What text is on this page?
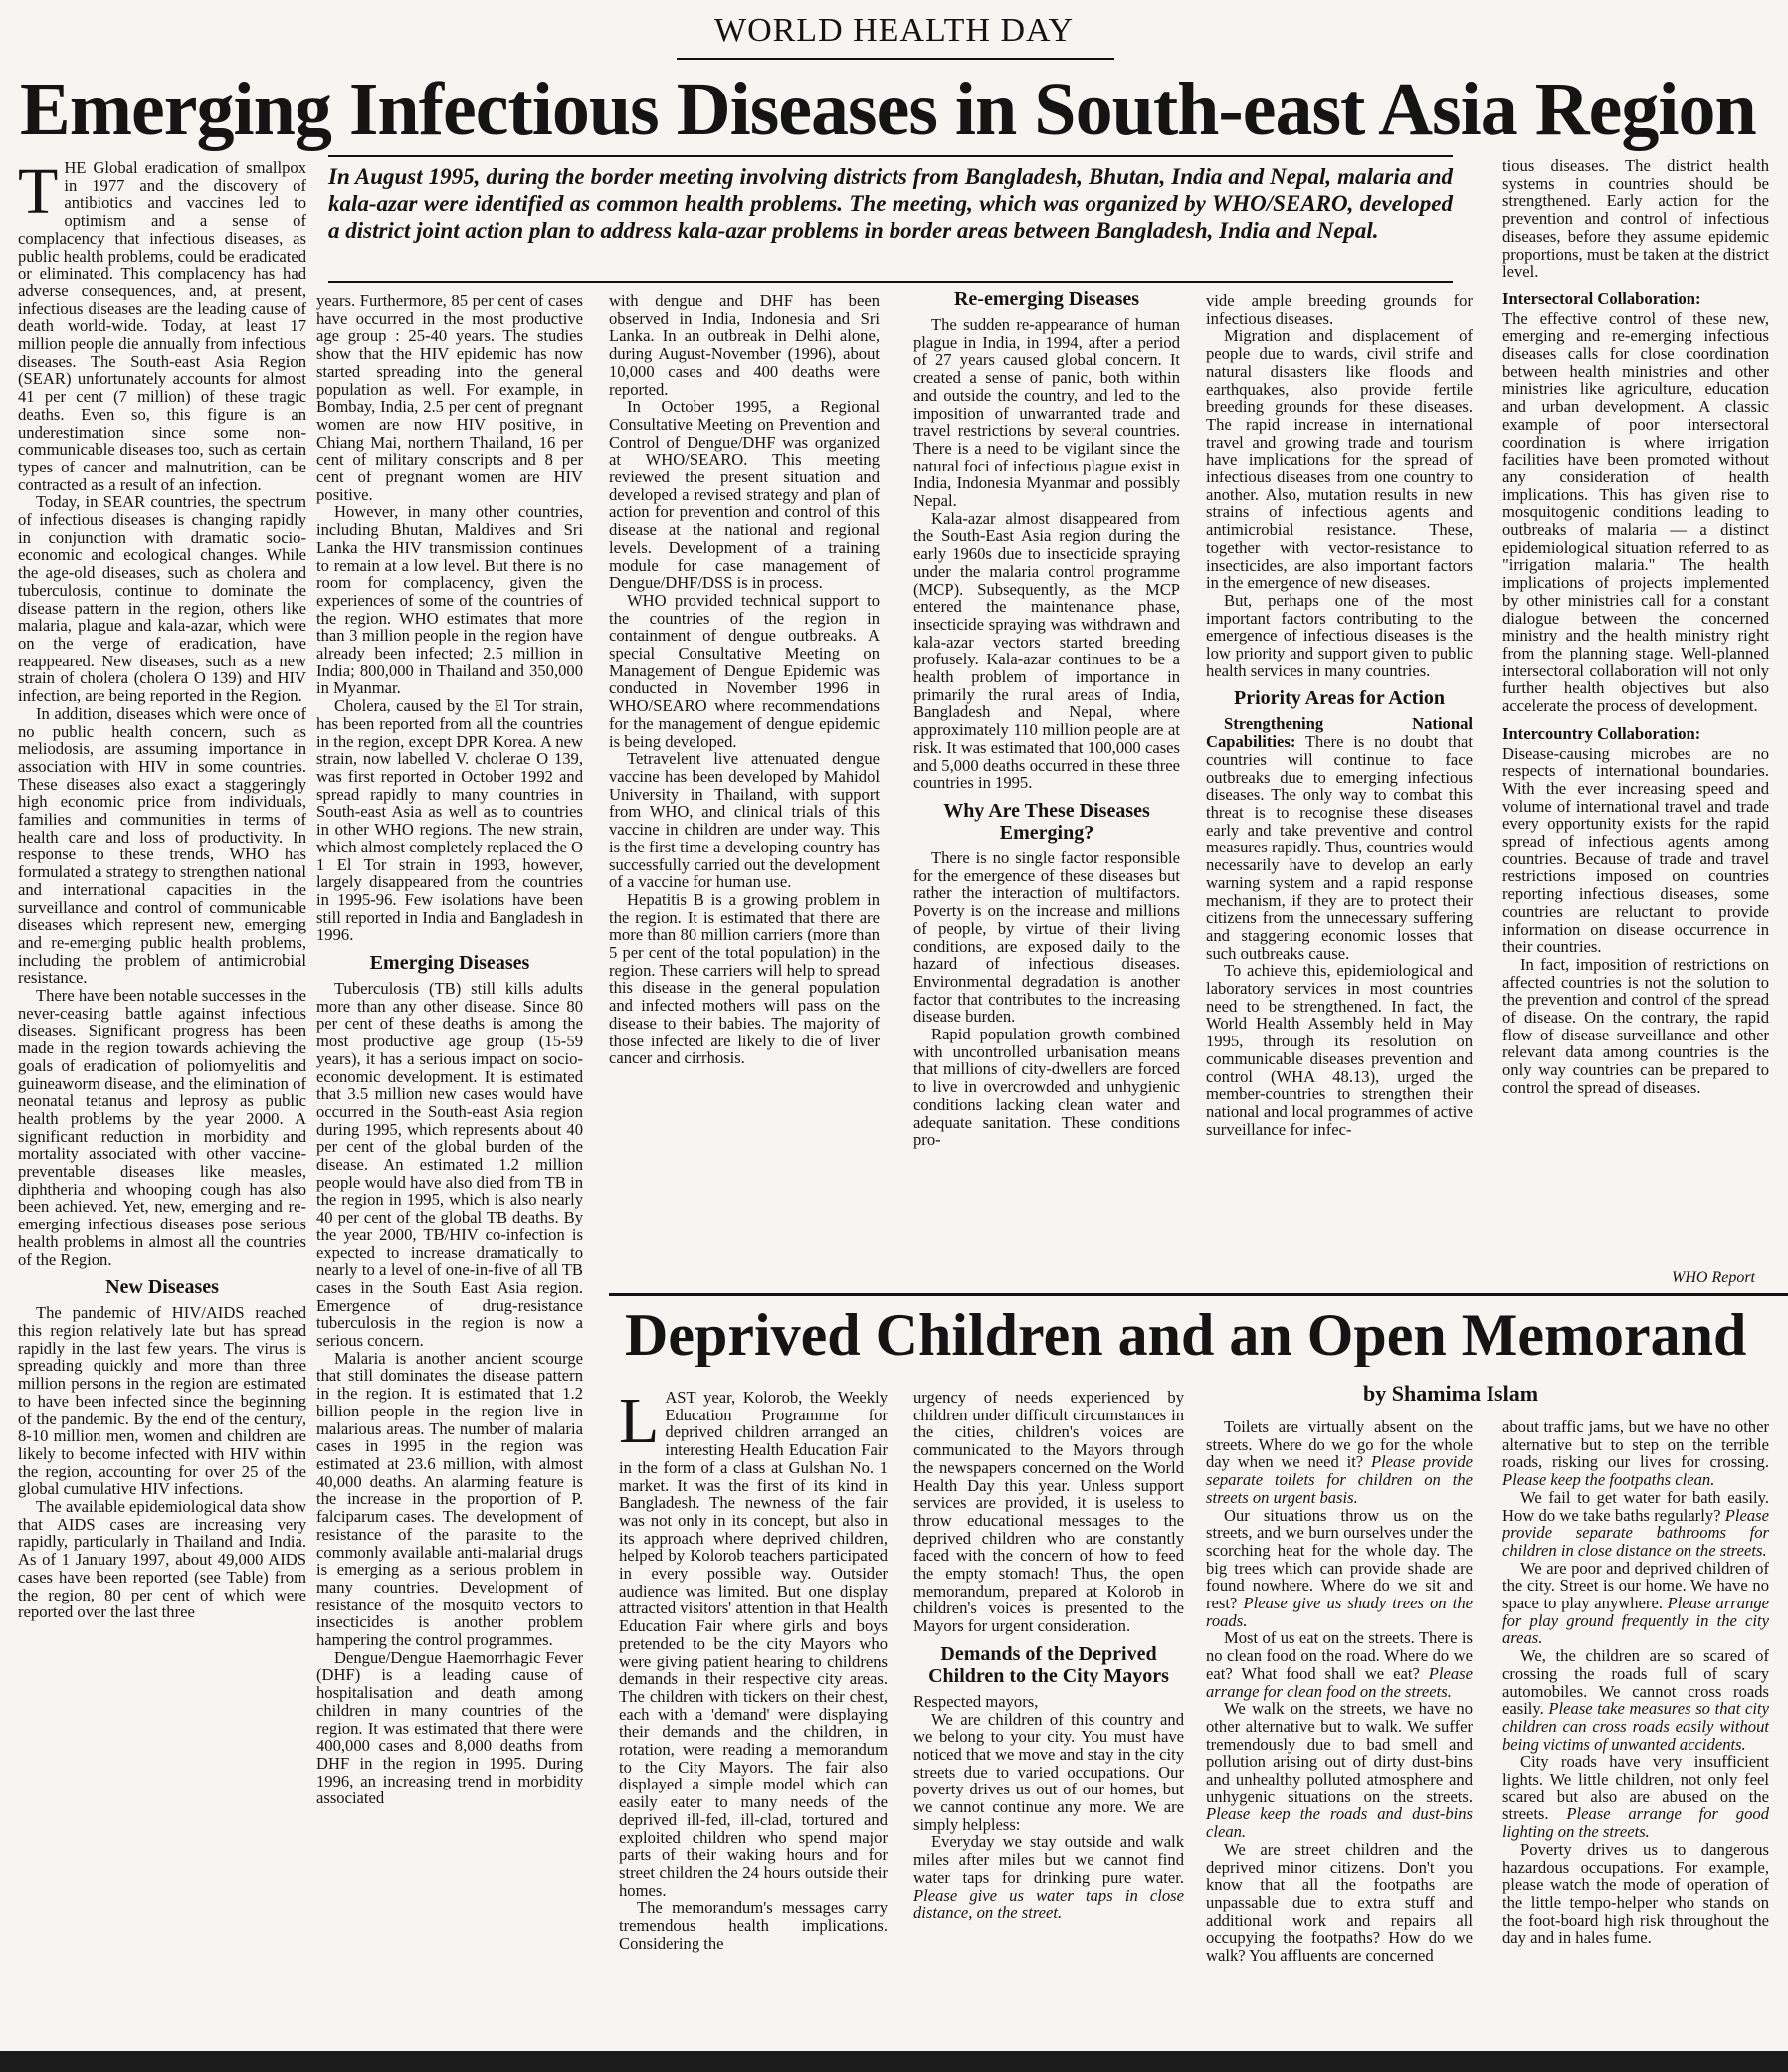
WORLD HEALTH DAY
Emerging Infectious Diseases in South-east Asia Region
In August 1995, during the border meeting involving districts from Bangladesh, Bhutan, India and Nepal, malaria and kala-azar were identified as common health problems. The meeting, which was organized by WHO/SEARO, developed a district joint action plan to address kala-azar problems in border areas between Bangladesh, India and Nepal.

THE Global eradication of smallpox in 1977 and the discovery of antibiotics and vaccines led to optimism and a sense of complacency that infectious diseases, as public health problems, could be eradicated or eliminated. This complacency has had adverse consequences, and, at present, infectious diseases are the leading cause of death world-wide. Today, at least 17 million people die annually from infectious diseases. The South-east Asia Region (SEAR) unfortunately accounts for almost 41 per cent (7 million) of these tragic deaths. Even so, this figure is an underestimation since some non-communicable diseases too, such as certain types of cancer and malnutrition, can be contracted as a result of an infection.

Today, in SEAR countries, the spectrum of infectious diseases is changing rapidly in conjunction with dramatic socio-economic and ecological changes. While the age-old diseases, such as cholera and tuberculosis, continue to dominate the disease pattern in the region, others like malaria, plague and kala-azar, which were on the verge of eradication, have reappeared. New diseases, such as a new strain of cholera (cholera O 139) and HIV infection, are being reported in the Region.

In addition, diseases which were once of no public health concern, such as meliodosis, are assuming importance in association with HIV in some countries. These diseases also exact a staggeringly high economic price from individuals, families and communities in terms of health care and loss of productivity. In response to these trends, WHO has formulated a strategy to strengthen national and international capacities in the surveillance and control of communicable diseases which represent new, emerging and re-emerging public health problems, including the problem of antimicrobial resistance.

There have been notable successes in the never-ceasing battle against infectious diseases. Significant progress has been made in the region towards achieving the goals of eradication of poliomyelitis and guineaworm disease, and the elimination of neonatal tetanus and leprosy as public health problems by the year 2000. A significant reduction in morbidity and mortality associated with other vaccine-preventable diseases like measles, diphtheria and whooping cough has also been achieved. Yet, new, emerging and re-emerging infectious diseases pose serious health problems in almost all the countries of the Region.

New Diseases

The pandemic of HIV/AIDS reached this region relatively late but has spread rapidly in the last few years. The virus is spreading quickly and more than three million persons in the region are estimated to have been infected since the beginning of the pandemic. By the end of the century, 8-10 million men, women and children are likely to become infected with HIV within the region, accounting for over 25 of the global cumulative HIV infections.

The available epidemiological data show that AIDS cases are increasing very rapidly, particularly in Thailand and India. As of 1 January 1997, about 49,000 AIDS cases have been reported (see Table) from the region, 80 per cent of which were reported over the last three

years. Furthermore, 85 per cent of cases have occurred in the most productive age group : 25-40 years. The studies show that the HIV epidemic has now started spreading into the general population as well. For example, in Bombay, India, 2.5 per cent of pregnant women are now HIV positive, in Chiang Mai, northern Thailand, 16 per cent of military conscripts and 8 per cent of pregnant women are HIV positive.

However, in many other countries, including Bhutan, Maldives and Sri Lanka the HIV transmission continues to remain at a low level. But there is no room for complacency, given the experiences of some of the countries of the region. WHO estimates that more than 3 million people in the region have already been infected; 2.5 million in India; 800,000 in Thailand and 350,000 in Myanmar.

Cholera, caused by the El Tor strain, has been reported from all the countries in the region, except DPR Korea. A new strain, now labelled V. cholerae O 139, was first reported in October 1992 and spread rapidly to many countries in South-east Asia as well as to countries in other WHO regions. The new strain, which almost completely replaced the O 1 El Tor strain in 1993, however, largely disappeared from the countries in 1995-96. Few isolations have been still reported in India and Bangladesh in 1996.

Emerging Diseases

Tuberculosis (TB) still kills adults more than any other disease. Since 80 per cent of these deaths is among the most productive age group (15-59 years), it has a serious impact on socio-economic development. It is estimated that 3.5 million new cases would have occurred in the South-east Asia region during 1995, which represents about 40 per cent of the global burden of the disease. An estimated 1.2 million people would have also died from TB in the region in 1995, which is also nearly 40 per cent of the global TB deaths. By the year 2000, TB/HIV co-infection is expected to increase dramatically to nearly to a level of one-in-five of all TB cases in the South East Asia region. Emergence of drug-resistance tuberculosis in the region is now a serious concern.

Malaria is another ancient scourge that still dominates the disease pattern in the region. It is estimated that 1.2 billion people in the region live in malarious areas. The number of malaria cases in 1995 in the region was estimated at 23.6 million, with almost 40,000 deaths. An alarming feature is the increase in the proportion of P. falciparum cases. The development of resistance of the parasite to the commonly available anti-malarial drugs is emerging as a serious problem in many countries. Development of resistance of the mosquito vectors to insecticides is another problem hampering the control programmes.

Dengue/Dengue Haemorrhagic Fever (DHF) is a leading cause of hospitalisation and death among children in many countries of the region. It was estimated that there were 400,000 cases and 8,000 deaths from DHF in the region in 1995. During 1996, an increasing trend in morbidity associated

with dengue and DHF has been observed in India, Indonesia and Sri Lanka. In an outbreak in Delhi alone, during August-November (1996), about 10,000 cases and 400 deaths were reported.

In October 1995, a Regional Consultative Meeting on Prevention and Control of Dengue/DHF was organized at WHO/SEARO. This meeting reviewed the present situation and developed a revised strategy and plan of action for prevention and control of this disease at the national and regional levels. Development of a training module for case management of Dengue/DHF/DSS is in process.

WHO provided technical support to the countries of the region in containment of dengue outbreaks. A special Consultative Meeting on Management of Dengue Epidemic was conducted in November 1996 in WHO/SEARO where recommendations for the management of dengue epidemic is being developed.

Tetravelent live attenuated dengue vaccine has been developed by Mahidol University in Thailand, with support from WHO, and clinical trials of this vaccine in children are under way. This is the first time a developing country has successfully carried out the development of a vaccine for human use.

Hepatitis B is a growing problem in the region. It is estimated that there are more than 80 million carriers (more than 5 per cent of the total population) in the region. These carriers will help to spread this disease in the general population and infected mothers will pass on the disease to their babies. The majority of those infected are likely to die of liver cancer and cirrhosis.

Re-emerging Diseases

The sudden re-appearance of human plague in India, in 1994, after a period of 27 years caused global concern. It created a sense of panic, both within and outside the country, and led to the imposition of unwarranted trade and travel restrictions by several countries. There is a need to be vigilant since the natural foci of infectious plague exist in India, Indonesia Myanmar and possibly Nepal.

Kala-azar almost disappeared from the South-East Asia region during the early 1960s due to insecticide spraying under the malaria control programme (MCP). Subsequently, as the MCP entered the maintenance phase, insecticide spraying was withdrawn and kala-azar vectors started breeding profusely. Kala-azar continues to be a health problem of importance in primarily the rural areas of India, Bangladesh and Nepal, where approximately 110 million people are at risk. It was estimated that 100,000 cases and 5,000 deaths occurred in these three countries in 1995.

Why Are These Diseases Emerging?

There is no single factor responsible for the emergence of these diseases but rather the interaction of multifactors. Poverty is on the increase and millions of people, by virtue of their living conditions, are exposed daily to the hazard of infectious diseases. Environmental degradation is another factor that contributes to the increasing disease burden.

Rapid population growth combined with uncontrolled urbanisation means that millions of city-dwellers are forced to live in overcrowded and unhygienic conditions lacking clean water and adequate sanitation. These conditions pro-

vide ample breeding grounds for infectious diseases.

Migration and displacement of people due to wards, civil strife and natural disasters like floods and earthquakes, also provide fertile breeding grounds for these diseases. The rapid increase in international travel and growing trade and tourism have implications for the spread of infectious diseases from one country to another. Also, mutation results in new strains of infectious agents and antimicrobial resistance. These, together with vector-resistance to insecticides, are also important factors in the emergence of new diseases.

But, perhaps one of the most important factors contributing to the emergence of infectious diseases is the low priority and support given to public health services in many countries.

Priority Areas for Action

Strengthening National Capabilities: There is no doubt that countries will continue to face outbreaks due to emerging infectious diseases. The only way to combat this threat is to recognise these diseases early and take preventive and control measures rapidly. Thus, countries would necessarily have to develop an early warning system and a rapid response mechanism, if they are to protect their citizens from the unnecessary suffering and staggering economic losses that such outbreaks cause.

To achieve this, epidemiological and laboratory services in most countries need to be strengthened. In fact, the World Health Assembly held in May 1995, through its resolution on communicable diseases prevention and control (WHA 48.13), urged the member-countries to strengthen their national and local programmes of active surveillance for infec-

tious diseases. The district health systems in countries should be strengthened. Early action for the prevention and control of infectious diseases, before they assume epidemic proportions, must be taken at the district level.

Intersectoral Collaboration:

The effective control of these new, emerging and re-emerging infectious diseases calls for close coordination between health ministries and other ministries like agriculture, education and urban development. A classic example of poor intersectoral coordination is where irrigation facilities have been promoted without any consideration of health implications. This has given rise to mosquitogenic conditions leading to outbreaks of malaria — a distinct epidemiological situation referred to as "irrigation malaria." The health implications of projects implemented by other ministries call for a constant dialogue between the concerned ministry and the health ministry right from the planning stage. Well-planned intersectoral collaboration will not only further health objectives but also accelerate the process of development.

Intercountry Collaboration:

Disease-causing microbes are no respects of international boundaries. With the ever increasing speed and volume of international travel and trade every opportunity exists for the rapid spread of infectious agents among countries. Because of trade and travel restrictions imposed on countries reporting infectious diseases, some countries are reluctant to provide information on disease occurrence in their countries.

In fact, imposition of restrictions on affected countries is not the solution to the prevention and control of the spread of disease. On the contrary, the rapid flow of disease surveillance and other relevant data among countries is the only way countries can be prepared to control the spread of diseases.

WHO Report
Deprived Children and an Open Memorand
by Shamima Islam

LAST year, Kolorob, the Weekly Education Programme for deprived children arranged an interesting Health Education Fair in the form of a class at Gulshan No. 1 market. It was the first of its kind in Bangladesh. The newness of the fair was not only in its concept, but also in its approach where deprived children, helped by Kolorob teachers participated in every possible way. Outsider audience was limited. But one display attracted visitors' attention in that Health Education Fair where girls and boys pretended to be the city Mayors who were giving patient hearing to childrens demands in their respective city areas. The children with tickers on their chest, each with a 'demand' were displaying their demands and the children, in rotation, were reading a memorandum to the City Mayors. The fair also displayed a simple model which can easily eater to many needs of the deprived ill-fed, ill-clad, tortured and exploited children who spend major parts of their waking hours and for street children the 24 hours outside their homes.

The memorandum's messages carry tremendous health implications. Considering the

urgency of needs experienced by children under difficult circumstances in the cities, children's voices are communicated to the Mayors through the newspapers concerned on the World Health Day this year. Unless support services are provided, it is useless to throw educational messages to the deprived children who are constantly faced with the concern of how to feed the empty stomach! Thus, the open memorandum, prepared at Kolorob in children's voices is presented to the Mayors for urgent consideration.

Demands of the Deprived Children to the City Mayors

Respected mayors,

We are children of this country and we belong to your city. You must have noticed that we move and stay in the city streets due to varied occupations. Our poverty drives us out of our homes, but we cannot continue any more. We are simply helpless:

Everyday we stay outside and walk miles after miles but we cannot find water taps for drinking pure water. Please give us water taps in close distance, on the street.

Toilets are virtually absent on the streets. Where do we go for the whole day when we need it? Please provide separate toilets for children on the streets on urgent basis.

Our situations throw us on the streets, and we burn ourselves under the scorching heat for the whole day. The big trees which can provide shade are found nowhere. Where do we sit and rest? Please give us shady trees on the roads.

Most of us eat on the streets. There is no clean food on the road. Where do we eat? What food shall we eat? Please arrange for clean food on the streets.

We walk on the streets, we have no other alternative but to walk. We suffer tremendously due to bad smell and pollution arising out of dirty dust-bins and unhealthy polluted atmosphere and unhygenic situations on the streets. Please keep the roads and dust-bins clean.

We are street children and the deprived minor citizens. Don't you know that all the footpaths are unpassable due to extra stuff and additional work and repairs all occupying the footpaths? How do we walk? You affluents are concerned

about traffic jams, but we have no other alternative but to step on the terrible roads, risking our lives for crossing. Please keep the footpaths clean.

We fail to get water for bath easily. How do we take baths regularly? Please provide separate bathrooms for children in close distance on the streets.

We are poor and deprived children of the city. Street is our home. We have no space to play anywhere. Please arrange for play ground frequently in the city areas.

We, the children are so scared of crossing the roads full of scary automobiles. We cannot cross roads easily. Please take measures so that city children can cross roads easily without being victims of unwanted accidents.

City roads have very insufficient lights. We little children, not only feel scared but also are abused on the streets. Please arrange for good lighting on the streets.

Poverty drives us to dangerous hazardous occupations. For example, please watch the mode of operation of the little tempo-helper who stands on the foot-board high risk throughout the day and in hales fume.
